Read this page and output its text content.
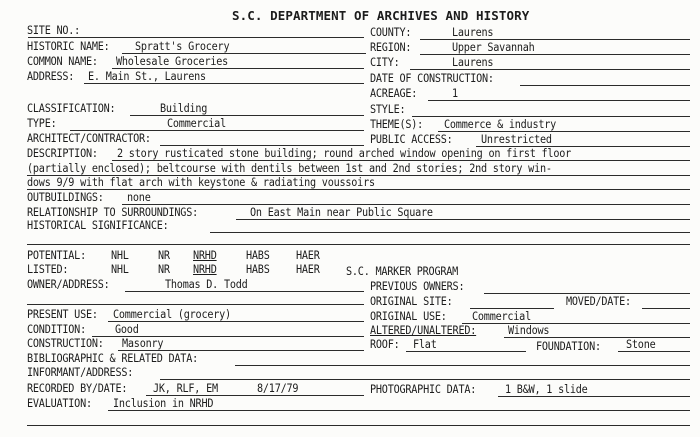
S.C. DEPARTMENT OF ARCHIVES AND HISTORY
SITE NO.:
HISTORIC NAME: Spratt's Grocery
COMMON NAME: Wholesale Groceries
ADDRESS: E. Main St., Laurens
COUNTY:	Laurens
REGION:	Upper Savannah
CITY:	Laurens
DATE OF CONSTRUCTION:
ACREAGE:	1
CLASSIFICATION:	Building
TYPE:	Commercial
ARCHITECT/CONTRACTOR:
STYLE:
THEME(S): Commerce & industry
PUBLIC ACCESS:	Unrestricted
DESCRIPTION: 2 story rusticated stone building; round arched window opening on first floor
(partially enclosed); beltcourse with dentils between 1st and 2nd stories; 2nd story win-
dows 9/9 with flat arch with keystone & radiating voussoirs
OUTBUILDINGS: none
RELATIONSHIP TO SURROUNDINGS:	On East Main near Public Square
HISTORICAL SIGNIFICANCE:
POTENTIAL: NHL	NR NRHD	HABS HAER
LISTED:	NHL	NR NRHD	HABS HAER S.C. MARKER PROGRAM
OWNER/ADDRESS:	Thomas D. Todd	PREVIOUS OWNERS:
ORIGINAL SITE:	MOVED/DATE:
PRESENT USE: Commercial (grocery)	ORIGINAL USE: Commercial
CONDITION:	Good	ALTERED/UNALTERED:	Windows
CONSTRUCTION: Masonry	ROOF: Flat	FOUNDATION: Stone
BIBLIOGRAPHIC & RELATED DATA:
INFORMANT/ADDRESS:
RECORDED BY/DATE: JK, RLF, EM	8/17/79	PHOTOGRAPHIC DATA:	1 B&W, 1 slide
EVALUATION: Inclusion in NRHD
